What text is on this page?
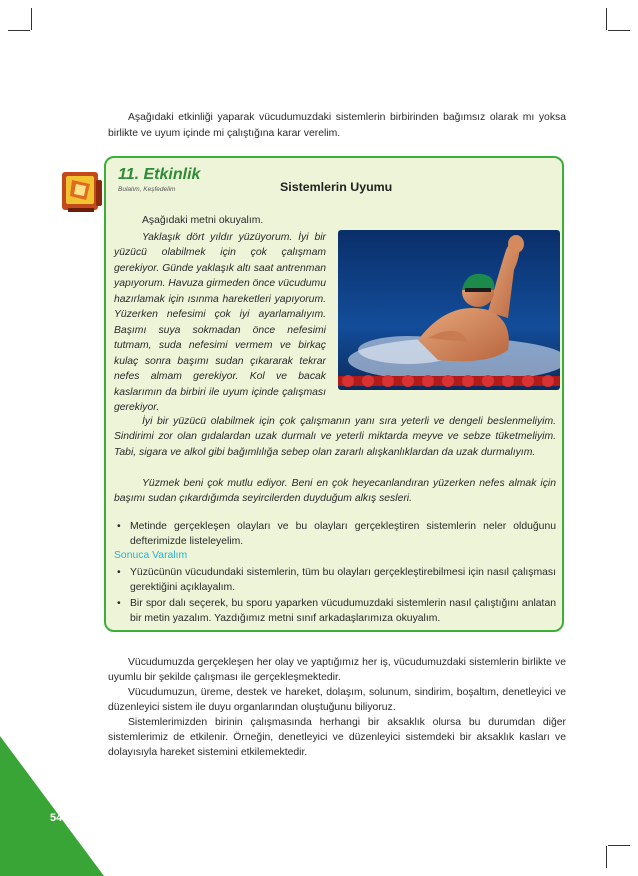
Aşağıdaki etkinliği yaparak vücudumuzdaki sistemlerin birbirinden bağımsız olarak mı yoksa birlikte ve uyum içinde mi çalıştığına karar verelim.

11. Etkinlik
Bulalım, Keşfedelim	Sistemlerin Uyumu
Aşağıdaki metni okuyalım.

Yaklaşık dört yıldır yüzüyorum. İyi bir yüzücü olabilmek için çok çalışmam gerekiyor. Günde yaklaşık altı saat antrenman yapıyorum. Havuza girmeden önce vücudumu hazırlamak için ısınma hareketleri yapıyorum. Yüzerken nefesimi çok iyi ayarlamalıyım. Başımı suya sokmadan önce nefesimi tutmam, suda nefesimi vermem ve birkaç kulaç sonra başımı sudan çıkararak tekrar nefes almam gerekiyor. Kol ve bacak kaslarımın da birbiri ile uyum içinde çalışması gerekiyor.

İyi bir yüzücü olabilmek için çok çalışmanın yanı sıra yeterli ve dengeli beslenmeliyim. Sindirimi zor olan gıdalardan uzak durmalı ve yeterli miktarda meyve ve sebze tüketmeliyim. Tabi, sigara ve alkol gibi bağımlılığa sebep olan zararlı alışkanlıklardan da uzak durmalıyım.

Yüzmek beni çok mutlu ediyor. Beni en çok heyecanlandıran yüzerken nefes almak için başımı sudan çıkardığımda seyircilerden duyduğum alkış sesleri.

• Metinde gerçekleşen olayları ve bu olayları gerçekleştiren sistemlerin neler olduğunu defterimizde listeleyelim.
Sonuca Varalım
• Yüzücünün vücudundaki sistemlerin, tüm bu olayları gerçekleştirebilmesi için nasıl çalışması gerektiğini açıklayalım.
• Bir spor dalı seçerek, bu sporu yaparken vücudumuzdaki sistemlerin nasıl çalıştığını anlatan bir metin yazalım. Yazdığımız metni sınıf arkadaşlarımıza okuyalım.

Vücudumuzda gerçekleşen her olay ve yaptığımız her iş, vücudumuzdaki sistemlerin birlikte ve uyumlu bir şekilde çalışması ile gerçekleşmektedir.

Vücudumuzun, üreme, destek ve hareket, dolaşım, solunum, sindirim, boşaltım, denetleyici ve düzenleyici sistem ile duyu organlarından oluştuğunu biliyoruz.

Sistemlerimizden birinin çalışmasında herhangi bir aksaklık olursa bu durumdan diğer sistemlerimiz de etkilenir. Örneğin, denetleyici ve düzenleyici sistemdeki bir aksaklık kasları ve dolayısıyla hareket sistemini etkilemektedir.

54
